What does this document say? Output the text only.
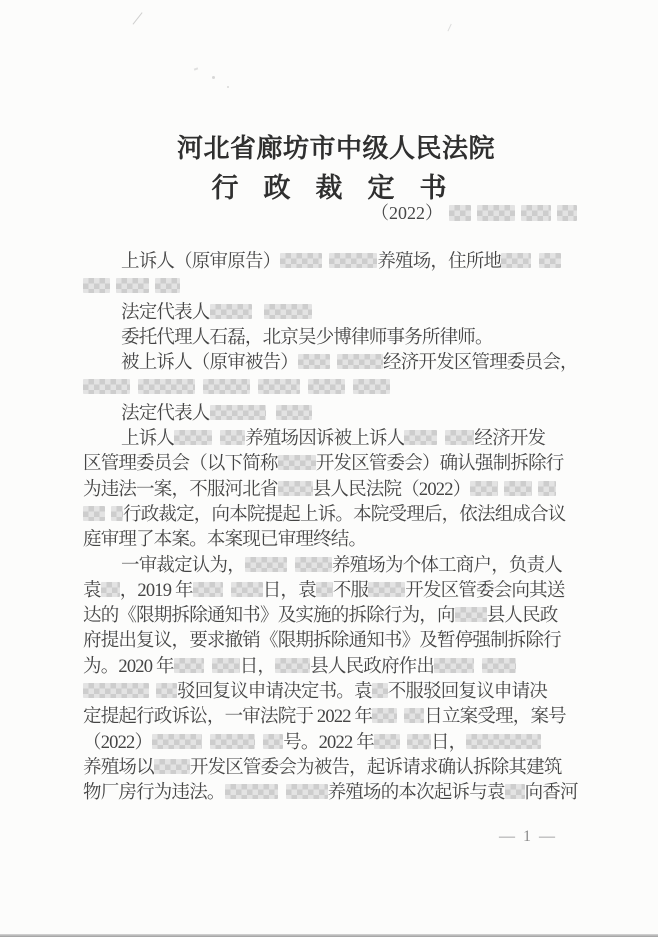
河北省廊坊市中级人民法院
行政裁定书
（2022）
上诉人（原审原告）	养殖场，住所地
法定代表人
委托代理人石磊，北京吴少博律师事务所律师。
被上诉人（原审被告）	经济开发区管理委员会，
法定代表人
上诉人	养殖场因诉被上诉人	经济开发
区管理委员会（以下简称 开发区管委会）确认强制拆除行
为违法一案，不服河北省 县人民法院（2022）
行政裁定，向本院提起上诉。本院受理后，依法组成合议
庭审理了本案。本案现已审理终结。
一审裁定认为，	养殖场为个体工商户，负责人
袁 ，2019 年	日，袁 不服 开发区管委会向其送
达的《限期拆除通知书》及实施的拆除行为，向 县人民政
府提出复议，要求撤销《限期拆除通知书》及暂停强制拆除行
为。2020 年	日， 县人民政府作出
驳回复议申请决定书。袁 不服驳回复议申请决
定提起行政诉讼，一审法院于 2022 年	日立案受理，案号
（2022）	号。2022 年	日，
养殖场以 开发区管委会为被告，起诉请求确认拆除其建筑
物厂房行为违法。	养殖场的本次起诉与袁 向香河
— 1 —
